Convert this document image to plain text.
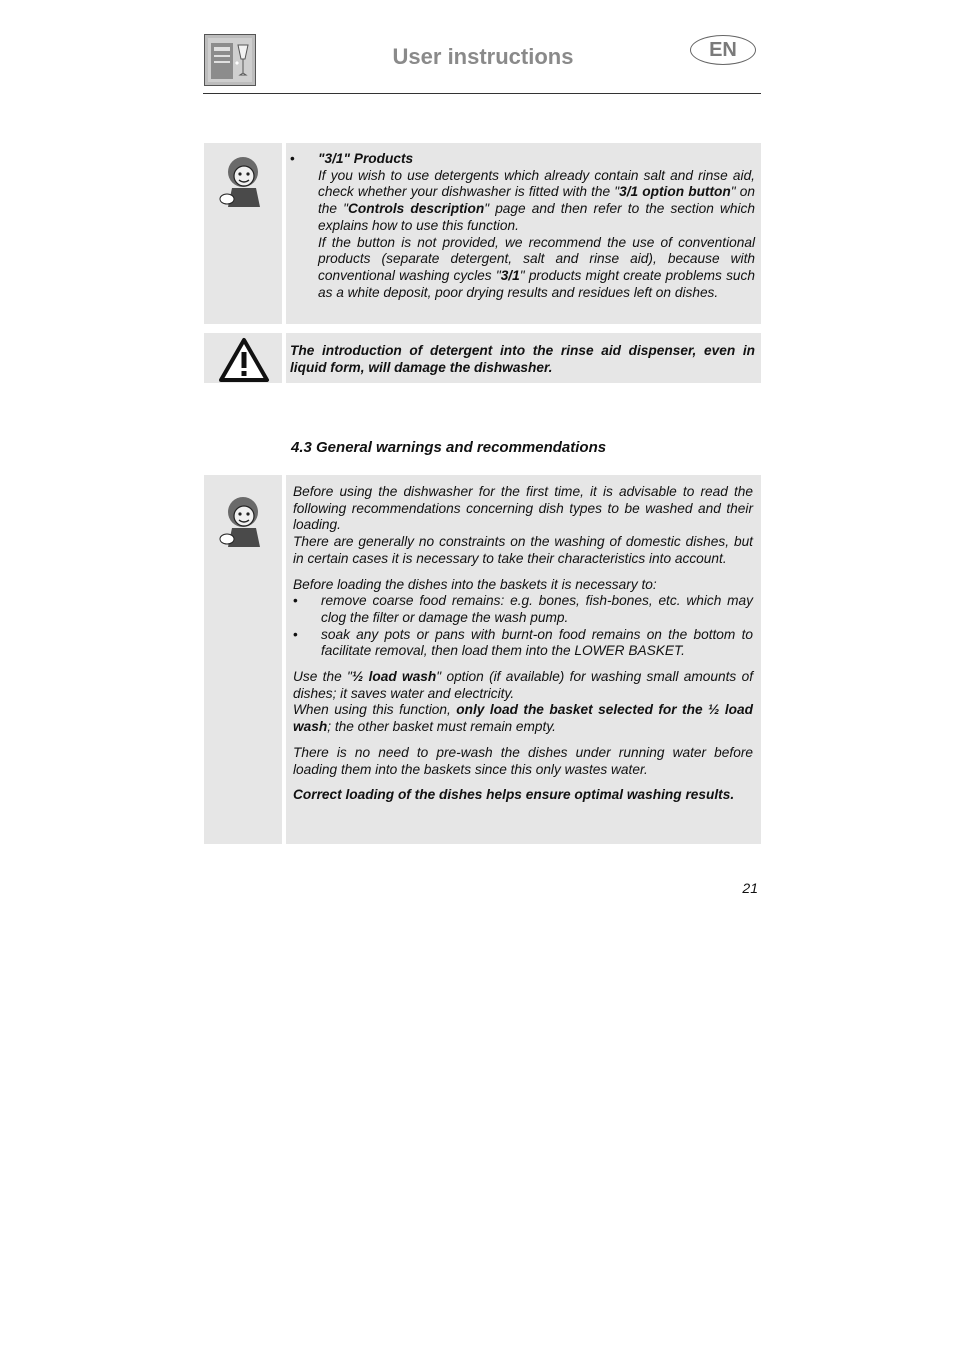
User instructions	EN
•	"3/1" Products

If you wish to use detergents which already contain salt and rinse aid, check whether your dishwasher is fitted with the "3/1 option button" on the "Controls description" page and then refer to the section which explains how to use this function.

If the button is not provided, we recommend the use of conventional products (separate detergent, salt and rinse aid), because with conventional washing cycles "3/1" products might create problems such as a white deposit, poor drying results and residues left on dishes.

The introduction of detergent into the rinse aid dispenser, even in liquid form, will damage the dishwasher.

4.3 General warnings and recommendations

Before using the dishwasher for the first time, it is advisable to read the following recommendations concerning dish types to be washed and their loading.

There are generally no constraints on the washing of domestic dishes, but in certain cases it is necessary to take their characteristics into account.

Before loading the dishes into the baskets it is necessary to:

•	remove coarse food remains: e.g. bones, fish-bones, etc. which may clog the filter or damage the wash pump.
•	soak any pots or pans with burnt-on food remains on the bottom to facilitate removal, then load them into the LOWER BASKET.

Use the "½ load wash" option (if available) for washing small amounts of dishes; it saves water and electricity.

When using this function, only load the basket selected for the ½ load wash; the other basket must remain empty.

There is no need to pre-wash the dishes under running water before loading them into the baskets since this only wastes water.

Correct loading of the dishes helps ensure optimal washing results.

21
